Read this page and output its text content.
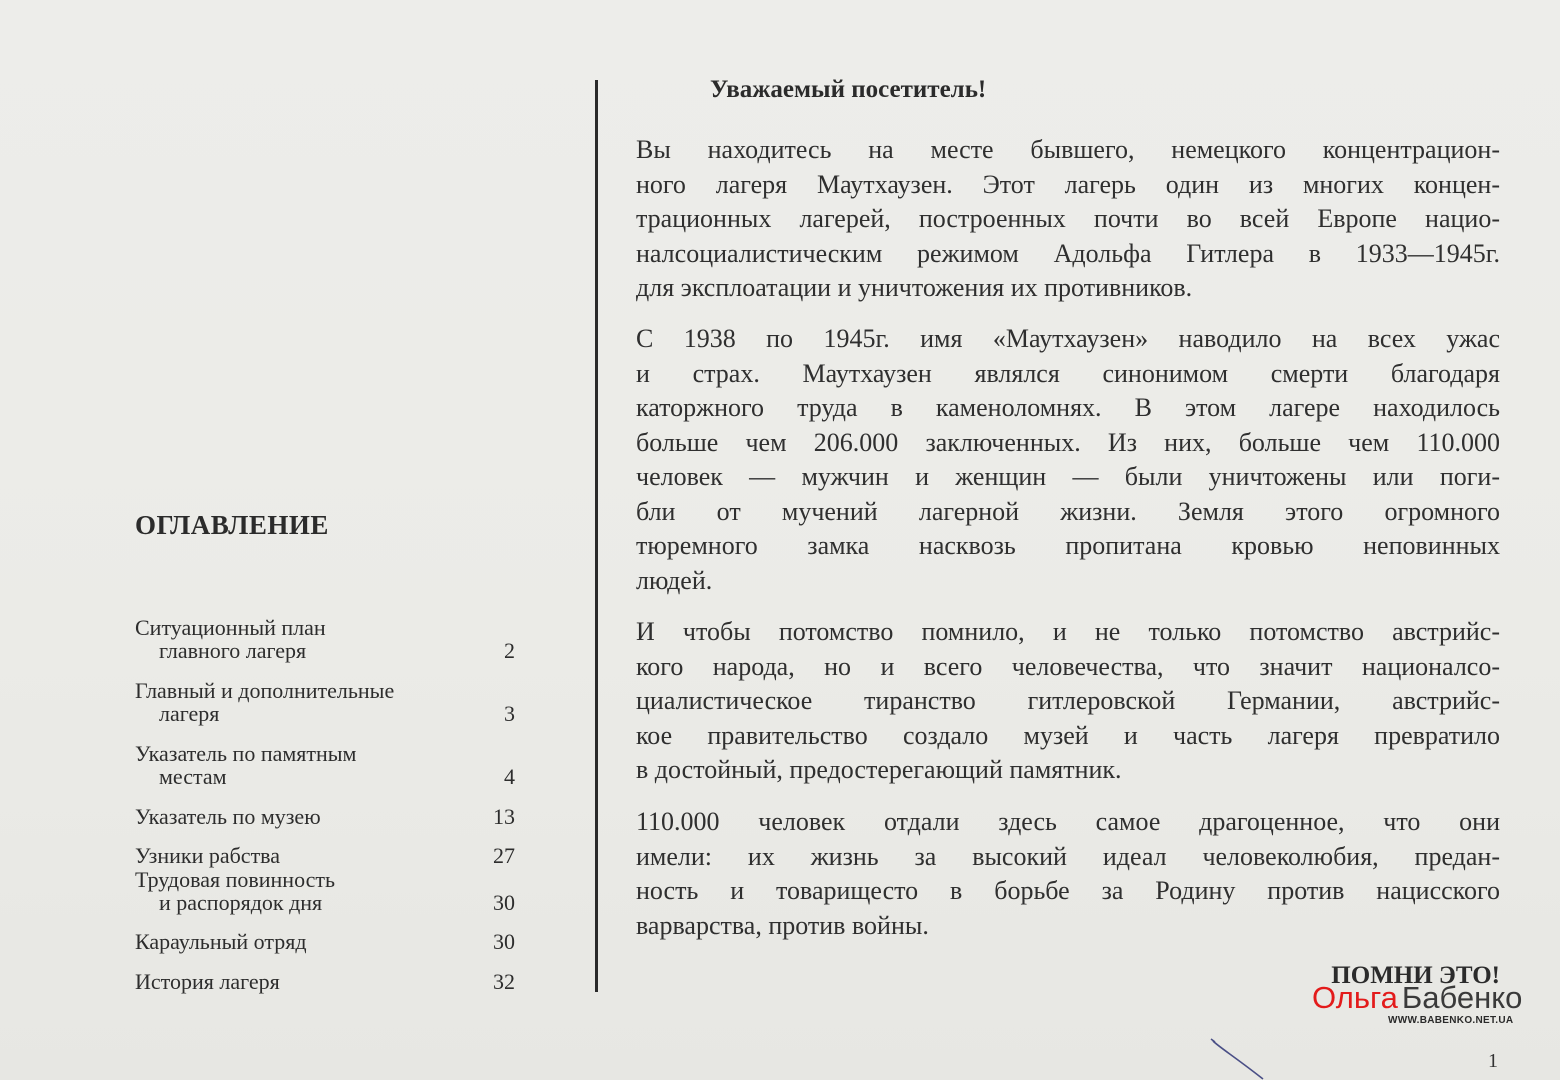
ОГЛАВЛЕНИЕ
Ситуационный план
главного лагеря	2
Главный и дополнительные
лагеря	3
Указатель по памятным
местам	4
Указатель по музею	13
Узники рабства	27
Трудовая повинность
и распорядок дня	30
Караульный отряд	30
История лагеря	32
Уважаемый посетитель!
Вы находитесь на месте бывшего, немецкого концентрацион-
ного лагеря Маутхаузен. Этот лагерь один из многих концен-
трационных лагерей, построенных почти во всей Европе нацио-
налсоциалистическим режимом Адольфа Гитлера в 1933—1945г.
для эксплоатации и уничтожения их противников.
С 1938 по 1945г. имя «Маутхаузен» наводило на всех ужас
и страх. Маутхаузен являлся синонимом смерти благодаря
каторжного труда в каменоломнях. В этом лагере находилось
больше чем 206.000 заключенных. Из них, больше чем 110.000
человек — мужчин и женщин — были уничтожены или поги-
бли от мучений лагерной жизни. Земля этого огромного
тюремного замка насквозь пропитана кровью неповинных
людей.
И чтобы потомство помнило, и не только потомство австрийс-
кого народа, но и всего человечества, что значит националсо-
циалистическое тиранство гитлеровской Германии, австрийс-
кое правительство создало музей и часть лагеря превратило
в достойный, предостерегающий памятник.
110.000 человек отдали здесь самое драгоценное, что они
имели: их жизнь за высокий идеал человеколюбия, предан-
ность и товарищесто в борьбе за Родину против нацисского
варварства, против войны.
ПОМНИ ЭТО!
Ольга Бабенко
WWW.BABENKO.NET.UA
1
